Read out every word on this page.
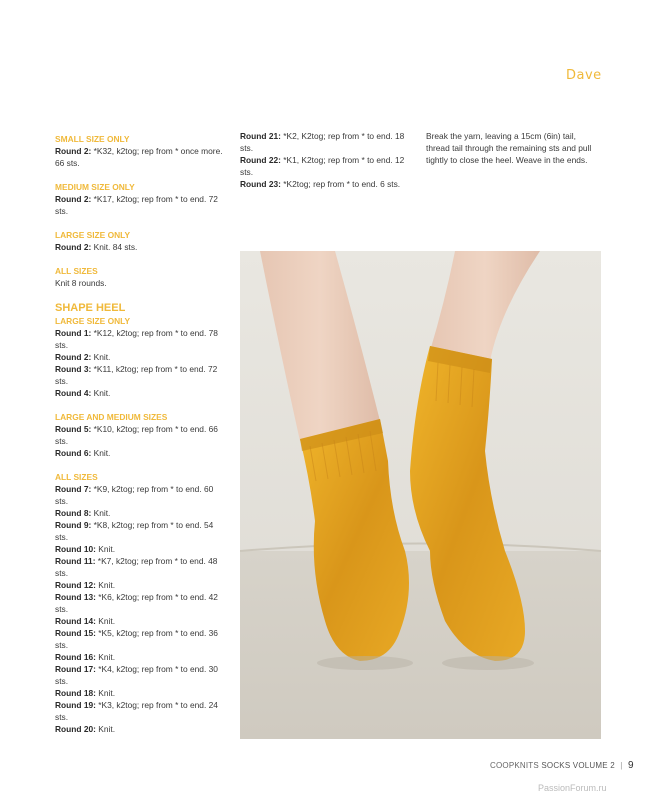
Dave
SMALL SIZE ONLY
Round 2: *K32, k2tog; rep from * once more. 66 sts.
MEDIUM SIZE ONLY
Round 2: *K17, k2tog; rep from * to end. 72 sts.
LARGE SIZE ONLY
Round 2: Knit. 84 sts.
ALL SIZES
Knit 8 rounds.
SHAPE HEEL
LARGE SIZE ONLY
Round 1: *K12, k2tog; rep from * to end. 78 sts.
Round 2: Knit.
Round 3: *K11, k2tog; rep from * to end. 72 sts.
Round 4: Knit.
LARGE AND MEDIUM SIZES
Round 5: *K10, k2tog; rep from * to end. 66 sts.
Round 6: Knit.
ALL SIZES
Round 7: *K9, k2tog; rep from * to end. 60 sts.
Round 8: Knit.
Round 9: *K8, k2tog; rep from * to end. 54 sts.
Round 10: Knit.
Round 11: *K7, k2tog; rep from * to end. 48 sts.
Round 12: Knit.
Round 13: *K6, k2tog; rep from * to end. 42 sts.
Round 14: Knit.
Round 15: *K5, k2tog; rep from * to end. 36 sts.
Round 16: Knit.
Round 17: *K4, k2tog; rep from * to end. 30 sts.
Round 18: Knit.
Round 19: *K3, k2tog; rep from * to end. 24 sts.
Round 20: Knit.
Round 21: *K2, K2tog; rep from * to end. 18 sts.
Round 22: *K1, K2tog; rep from * to end. 12 sts.
Round 23: *K2tog; rep from * to end. 6 sts.
Break the yarn, leaving a 15cm (6in) tail, thread tail through the remaining sts and pull tightly to close the heel. Weave in the ends.
COOPKNITS SOCKS VOLUME 2 | 9
PassionForum.ru
